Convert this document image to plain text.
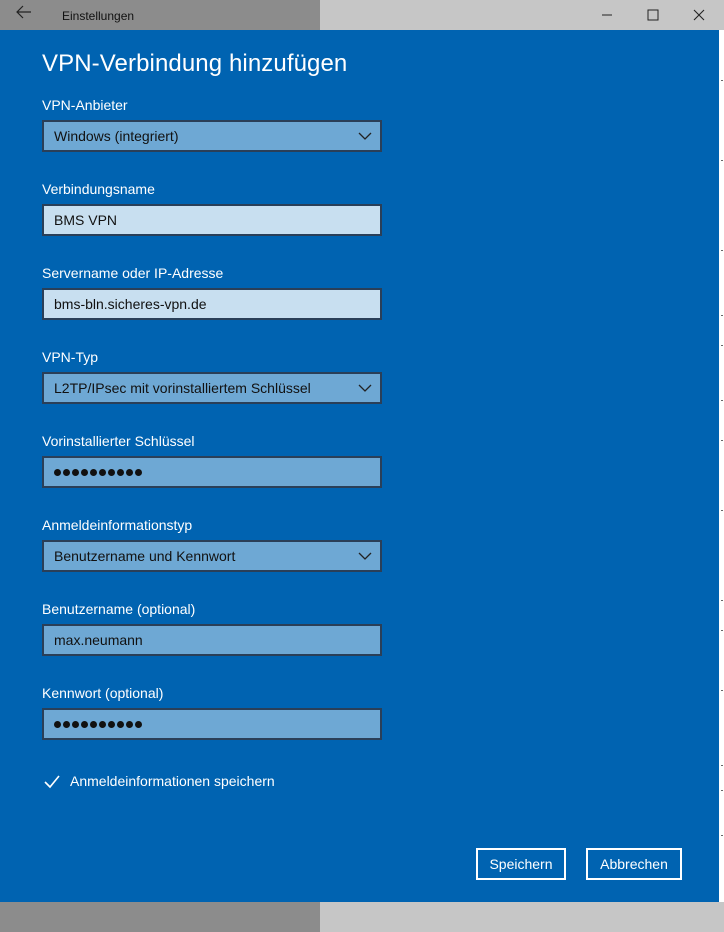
Einstellungen
VPN-Verbindung hinzufügen
VPN-Anbieter
Windows (integriert)
Verbindungsname
BMS VPN
Servername oder IP-Adresse
bms-bln.sicheres-vpn.de
VPN-Typ
L2TP/IPsec mit vorinstalliertem Schlüssel
Vorinstallierter Schlüssel
Anmeldeinformationstyp
Benutzername und Kennwort
Benutzername (optional)
max.neumann
Kennwort (optional)
Anmeldeinformationen speichern
Speichern	Abbrechen
